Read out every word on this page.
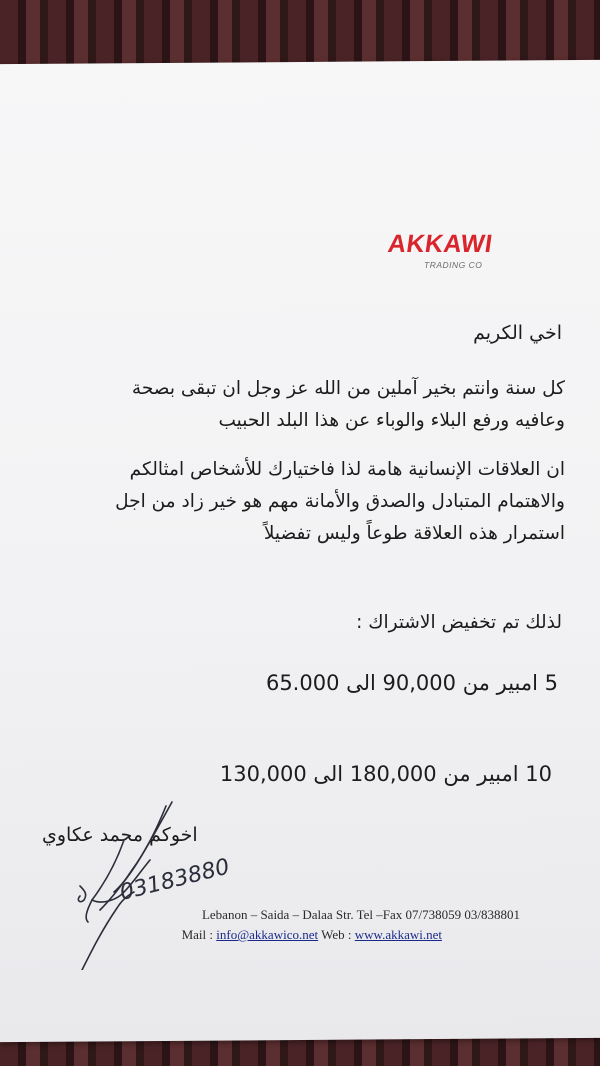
AKKAWI
TRADING CO
اخي الكريم
كل سنة وانتم بخير آملين من الله عز وجل ان تبقى بصحة
وعافيه ورفع البلاء والوباء عن هذا البلد الحبيب
ان العلاقات الإنسانية هامة لذا فاختيارك للأشخاص امثالكم
والاهتمام المتبادل والصدق والأمانة مهم هو خير زاد من اجل
استمرار هذه العلاقة طوعاً وليس تفضيلاً
لذلك تم تخفيض الاشتراك :
5 امبير من 90,000 الى 65.000
10 امبير من 180,000 الى 130,000
اخوكم محمد عكاوي
03183880
Lebanon – Saida – Dalaa Str. Tel –Fax 07/738059 03/838801
Mail : info@akkawico.net Web : www.akkawi.net
